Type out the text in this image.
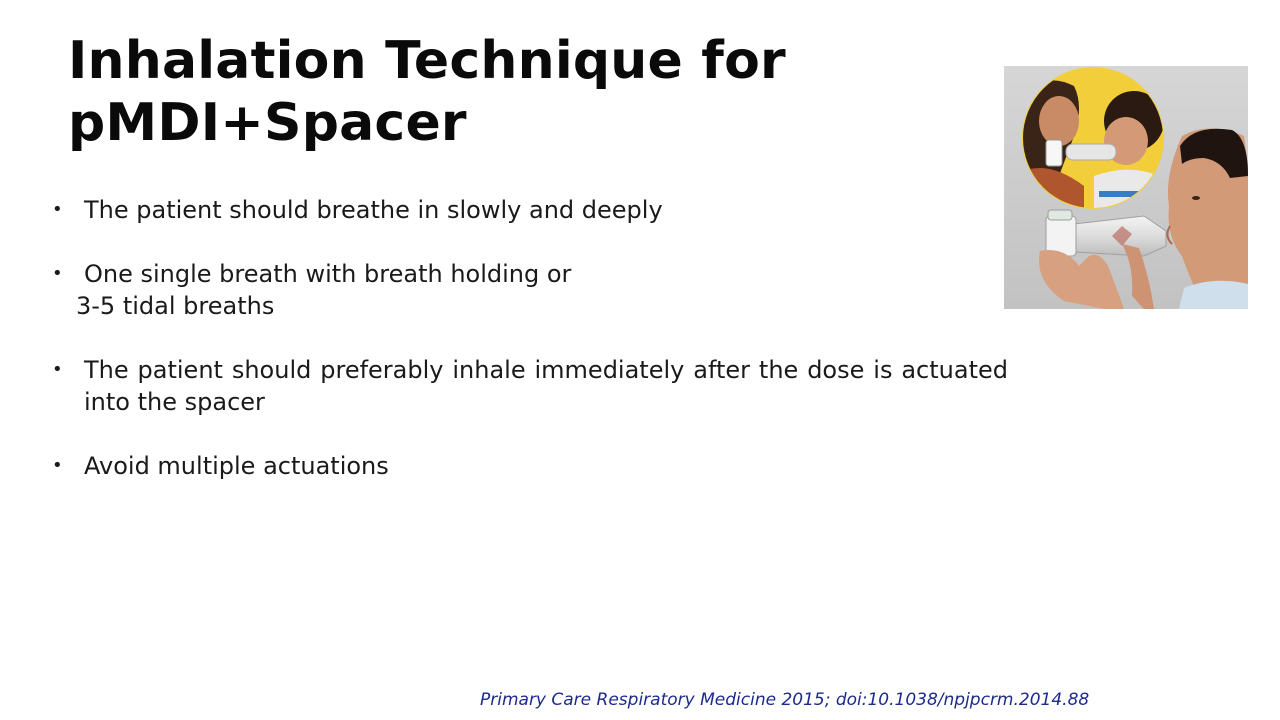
Inhalation Technique for
pMDI+Spacer
• The patient should breathe in slowly and deeply
• One single breath with breath holding or
3-5 tidal breaths
• The patient should preferably inhale immediately after the dose is actuated into the spacer
• Avoid multiple actuations
Primary Care Respiratory Medicine 2015; doi:10.1038/npjpcrm.2014.88
